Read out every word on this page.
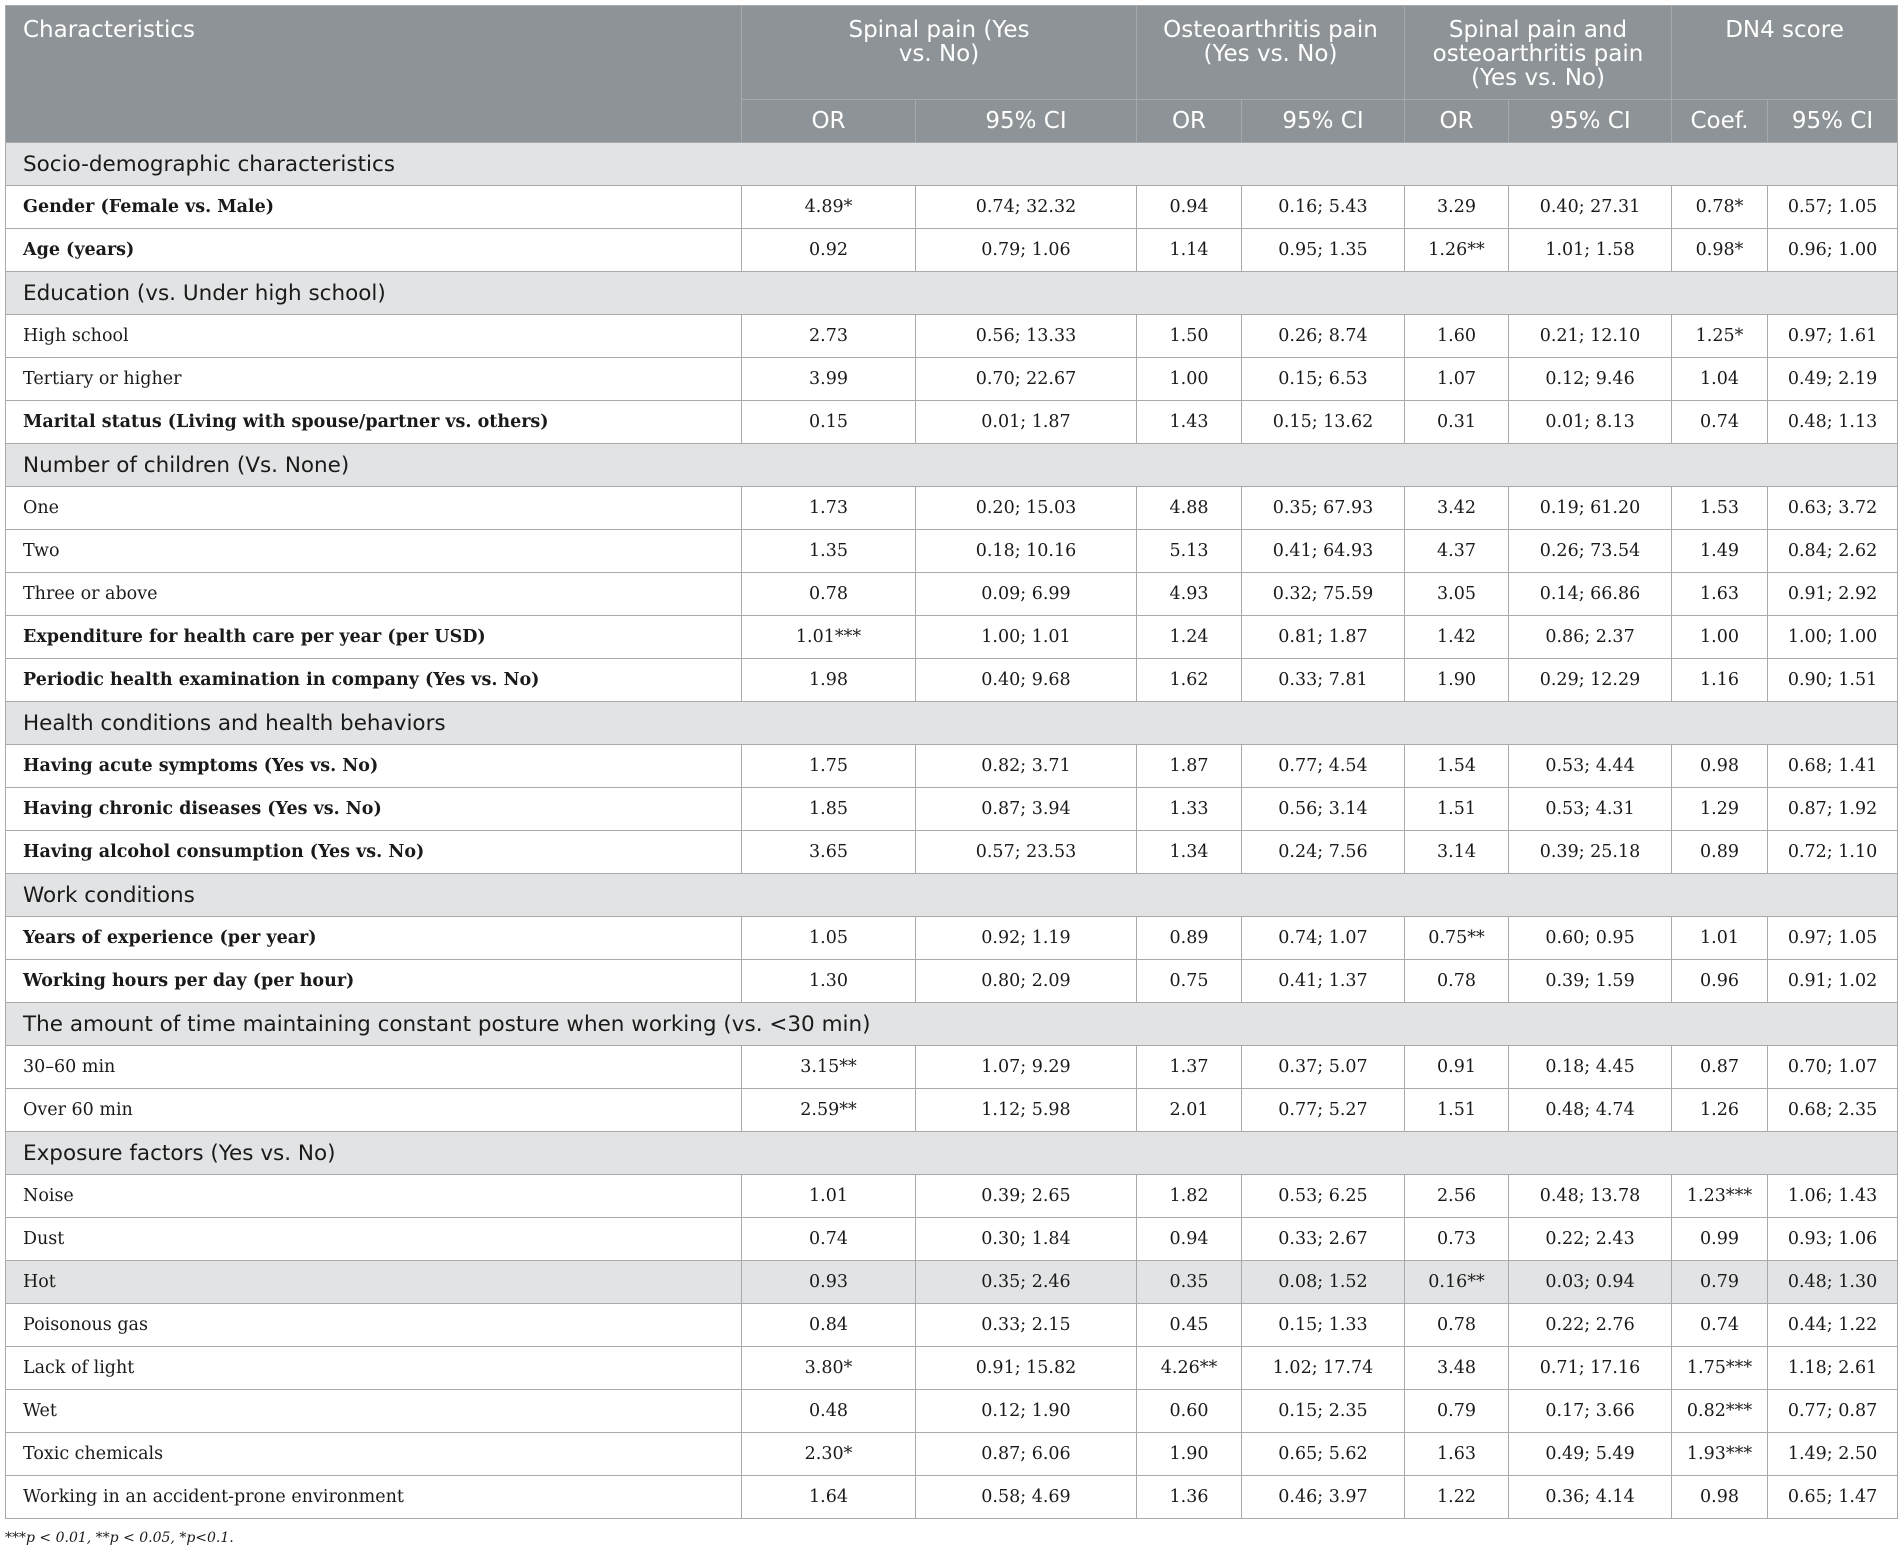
Characteristics	Spinal pain (Yes vs. No)		Osteoarthritis pain (Yes vs. No)		Spinal pain and osteoarthritis pain (Yes vs. No)		DN4 score	
	OR	95% CI	OR	95% CI	OR	95% CI	Coef.	95% CI
Socio-demographic characteristics								
Gender (Female vs. Male)	4.89*	0.74; 32.32	0.94	0.16; 5.43	3.29	0.40; 27.31	0.78*	0.57; 1.05
Age (years)	0.92	0.79; 1.06	1.14	0.95; 1.35	1.26**	1.01; 1.58	0.98*	0.96; 1.00
Education (vs. Under high school)								
High school	2.73	0.56; 13.33	1.50	0.26; 8.74	1.60	0.21; 12.10	1.25*	0.97; 1.61
Tertiary or higher	3.99	0.70; 22.67	1.00	0.15; 6.53	1.07	0.12; 9.46	1.04	0.49; 2.19
Marital status (Living with spouse/partner vs. others)	0.15	0.01; 1.87	1.43	0.15; 13.62	0.31	0.01; 8.13	0.74	0.48; 1.13
Number of children (Vs. None)								
One	1.73	0.20; 15.03	4.88	0.35; 67.93	3.42	0.19; 61.20	1.53	0.63; 3.72
Two	1.35	0.18; 10.16	5.13	0.41; 64.93	4.37	0.26; 73.54	1.49	0.84; 2.62
Three or above	0.78	0.09; 6.99	4.93	0.32; 75.59	3.05	0.14; 66.86	1.63	0.91; 2.92
Expenditure for health care per year (per USD)	1.01***	1.00; 1.01	1.24	0.81; 1.87	1.42	0.86; 2.37	1.00	1.00; 1.00
Periodic health examination in company (Yes vs. No)	1.98	0.40; 9.68	1.62	0.33; 7.81	1.90	0.29; 12.29	1.16	0.90; 1.51
Health conditions and health behaviors								
Having acute symptoms (Yes vs. No)	1.75	0.82; 3.71	1.87	0.77; 4.54	1.54	0.53; 4.44	0.98	0.68; 1.41
Having chronic diseases (Yes vs. No)	1.85	0.87; 3.94	1.33	0.56; 3.14	1.51	0.53; 4.31	1.29	0.87; 1.92
Having alcohol consumption (Yes vs. No)	3.65	0.57; 23.53	1.34	0.24; 7.56	3.14	0.39; 25.18	0.89	0.72; 1.10
Work conditions								
Years of experience (per year)	1.05	0.92; 1.19	0.89	0.74; 1.07	0.75**	0.60; 0.95	1.01	0.97; 1.05
Working hours per day (per hour)	1.30	0.80; 2.09	0.75	0.41; 1.37	0.78	0.39; 1.59	0.96	0.91; 1.02
The amount of time maintaining constant posture when working (vs. <30 min)								
30–60 min	3.15**	1.07; 9.29	1.37	0.37; 5.07	0.91	0.18; 4.45	0.87	0.70; 1.07
Over 60 min	2.59**	1.12; 5.98	2.01	0.77; 5.27	1.51	0.48; 4.74	1.26	0.68; 2.35
Exposure factors (Yes vs. No)								
Noise	1.01	0.39; 2.65	1.82	0.53; 6.25	2.56	0.48; 13.78	1.23***	1.06; 1.43
Dust	0.74	0.30; 1.84	0.94	0.33; 2.67	0.73	0.22; 2.43	0.99	0.93; 1.06
Hot	0.93	0.35; 2.46	0.35	0.08; 1.52	0.16**	0.03; 0.94	0.79	0.48; 1.30
Poisonous gas	0.84	0.33; 2.15	0.45	0.15; 1.33	0.78	0.22; 2.76	0.74	0.44; 1.22
Lack of light	3.80*	0.91; 15.82	4.26**	1.02; 17.74	3.48	0.71; 17.16	1.75***	1.18; 2.61
Wet	0.48	0.12; 1.90	0.60	0.15; 2.35	0.79	0.17; 3.66	0.82***	0.77; 0.87
Toxic chemicals	2.30*	0.87; 6.06	1.90	0.65; 5.62	1.63	0.49; 5.49	1.93***	1.49; 2.50
Working in an accident-prone environment	1.64	0.58; 4.69	1.36	0.46; 3.97	1.22	0.36; 4.14	0.98	0.65; 1.47
***p < 0.01, **p < 0.05, *p<0.1.
